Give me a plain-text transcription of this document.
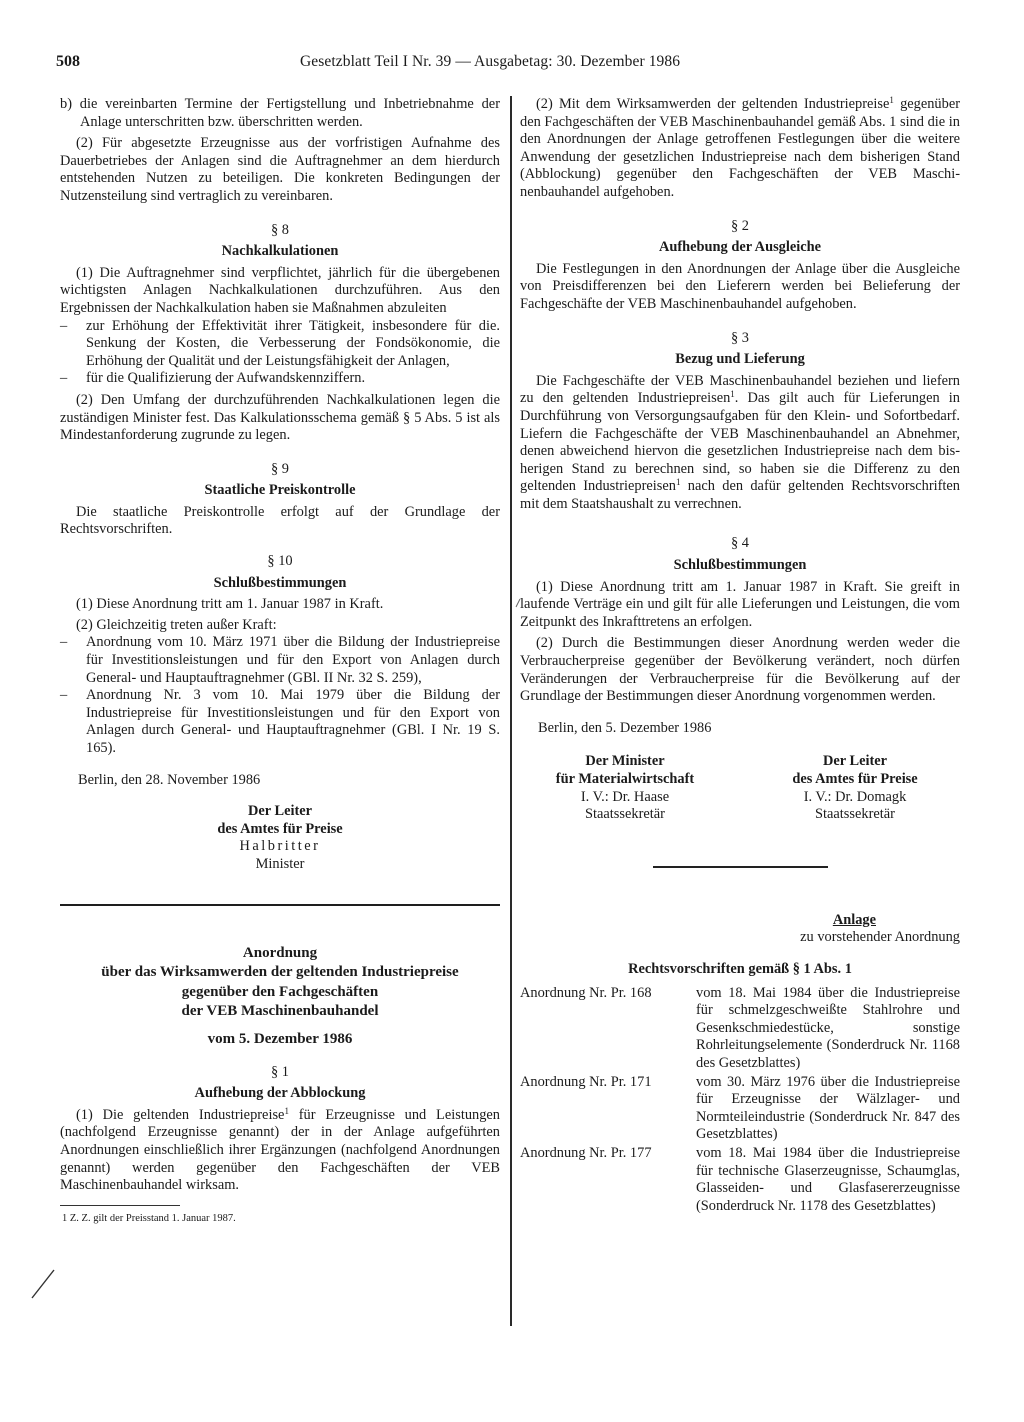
508	Gesetzblatt Teil I Nr. 39 — Ausgabetag: 30. Dezember 1986

b) die vereinbarten Termine der Fertigstellung und Inbetriebnahme der Anlage unterschritten bzw. überschritten werden.

(2) Für abgesetzte Erzeugnisse aus der vorfristigen Aufnahme des Dauerbetriebes der Anlagen sind die Auftragnehmer an dem hierdurch entstehenden Nutzen zu beteiligen. Die konkreten Bedingungen der Nutzensteilung sind vertraglich zu vereinbaren.

§ 8

Nachkalkulationen

(1) Die Auftragnehmer sind verpflichtet, jährlich für die übergebenen wichtigsten Anlagen Nachkalkulationen durchzuführen. Aus den Ergebnissen der Nachkalkulation haben sie Maßnahmen abzuleiten

– zur Erhöhung der Effektivität ihrer Tätigkeit, insbesondere für die. Senkung der Kosten, die Verbesserung der Fondsökonomie, die Erhöhung der Qualität und der Leistungsfähigkeit der Anlagen,
– für die Qualifizierung der Aufwandskennziffern.

(2) Den Umfang der durchzuführenden Nachkalkulationen legen die zuständigen Minister fest. Das Kalkulationsschema gemäß § 5 Abs. 5 ist als Mindestanforderung zugrunde zu legen.

§ 9

Staatliche Preiskontrolle

Die staatliche Preiskontrolle erfolgt auf der Grundlage der Rechtsvorschriften.

§ 10

Schlußbestimmungen

(1) Diese Anordnung tritt am 1. Januar 1987 in Kraft.

(2) Gleichzeitig treten außer Kraft:

– Anordnung vom 10. März 1971 über die Bildung der Industriepreise für Investitionsleistungen und für den Export von Anlagen durch General- und Hauptauftragnehmer (GBl. II Nr. 32 S. 259),
– Anordnung Nr. 3 vom 10. Mai 1979 über die Bildung der Industriepreise für Investitionsleistungen und für den Export von Anlagen durch General- und Hauptauftragnehmer (GBl. I Nr. 19 S. 165).

Berlin, den 28. November 1986

Der Leiter

des Amtes für Preise

Halbritter

Minister

Anordnung

über das Wirksamwerden der geltenden Industriepreise

gegenüber den Fachgeschäften

der VEB Maschinenbauhandel

vom 5. Dezember 1986

§ 1

Aufhebung der Abblockung

(1) Die geltenden Industriepreise$^1$ für Erzeugnisse und Leistungen (nachfolgend Erzeugnisse genannt) der in der Anlage aufgeführten Anordnungen einschließlich ihrer Ergänzungen (nachfolgend Anordnungen genannt) werden gegenüber den Fachgeschäften der VEB Maschinenbauhandel wirksam.

1 Z. Z. gilt der Preisstand 1. Januar 1987.

(2) Mit dem Wirksamwerden der geltenden Industriepreise$^1$ gegenüber den Fachgeschäften der VEB Maschinenbauhandel gemäß Abs. 1 sind die in den Anordnungen der Anlage getroffenen Festlegungen über die weitere Anwendung der gesetzlichen Industriepreise nach dem bisherigen Stand (Abblockung) gegenüber den Fachgeschäften der VEB Maschinenbauhandel aufgehoben.

§ 2

Aufhebung der Ausgleiche

Die Festlegungen in den Anordnungen der Anlage über die Ausgleiche von Preisdifferenzen bei den Lieferern werden bei Belieferung der Fachgeschäfte der VEB Maschinenbauhandel aufgehoben.

§ 3

Bezug und Lieferung

Die Fachgeschäfte der VEB Maschinenbauhandel beziehen und liefern zu den geltenden Industriepreisen$^1$. Das gilt auch für Lieferungen in Durchführung von Versorgungsaufgaben für den Klein- und Sofortbedarf. Liefern die Fachgeschäfte der VEB Maschinenbauhandel an Abnehmer, denen abweichend hiervon die gesetzlichen Industriepreise nach dem bisherigen Stand zu berechnen sind, so haben sie die Differenz zu den geltenden Industriepreisen$^1$ nach den dafür geltenden Rechtsvorschriften mit dem Staatshaushalt zu verrechnen.

§ 4

Schlußbestimmungen

(1) Diese Anordnung tritt am 1. Januar 1987 in Kraft. Sie greift in laufende Verträge ein und gilt für alle Lieferungen und Leistungen, die vom Zeitpunkt des Inkrafttretens an erfolgen.

(2) Durch die Bestimmungen dieser Anordnung werden weder die Verbraucherpreise gegenüber der Bevölkerung verändert, noch dürfen Veränderungen der Verbraucherpreise für die Bevölkerung auf der Grundlage der Bestimmungen dieser Anordnung vorgenommen werden.

Berlin, den 5. Dezember 1986

Der Minister

für Materialwirtschaft

I. V.: Dr. Haase

Staatssekretär

Der Leiter

des Amtes für Preise

I. V.: Dr. Domagk

Staatssekretär

Anlage

zu vorstehender Anordnung

Rechtsvorschriften gemäß § 1 Abs. 1

Anordnung Nr. Pr. 168	vom 18. Mai 1984 über die Industriepreise für schmelzgeschweißte Stahlrohre und Gesenkschmiedestücke, sonstige Rohrleitungselemente (Sonderdruck Nr. 1168 des Gesetzblattes)
Anordnung Nr. Pr. 171	vom 30. März 1976 über die Industriepreise für Erzeugnisse der Wälzlager- und Normteileindustrie (Sonderdruck Nr. 847 des Gesetzblattes)
Anordnung Nr. Pr. 177	vom 18. Mai 1984 über die Industriepreise für technische Glaserzeugnisse, Schaumglas, Glasseiden- und Glasfasererzeugnisse (Sonderdruck Nr. 1178 des Gesetzblattes)
